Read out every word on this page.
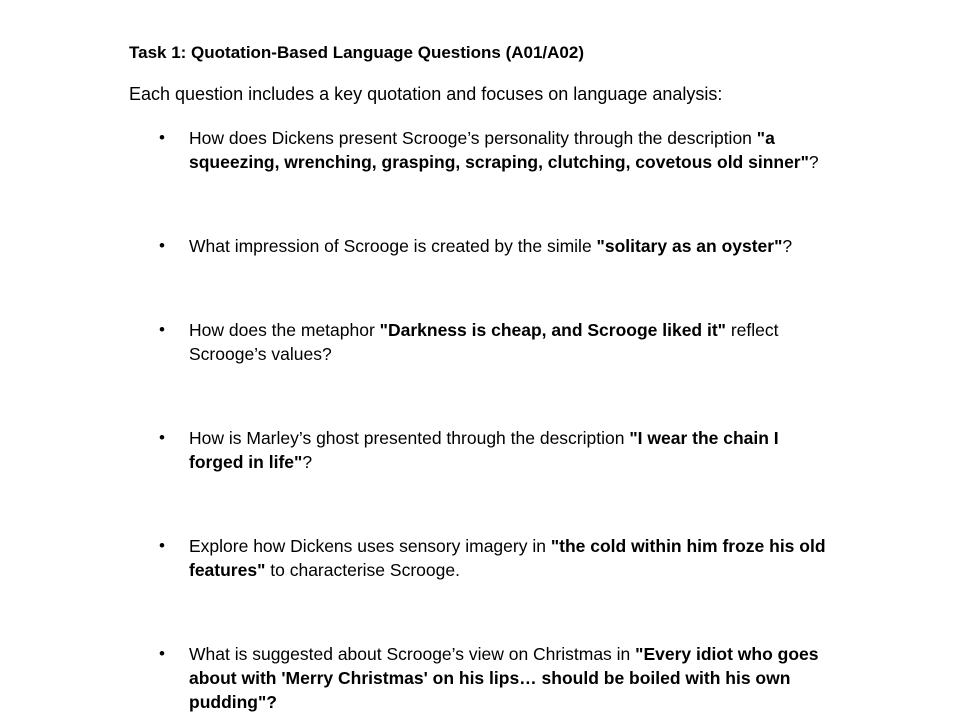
Task 1: Quotation-Based Language Questions (A01/A02)
Each question includes a key quotation and focuses on language analysis:
•	How does Dickens present Scrooge’s personality through the description "a squeezing, wrenching, grasping, scraping, clutching, covetous old sinner"?
•	What impression of Scrooge is created by the simile "solitary as an oyster"?
•	How does the metaphor "Darkness is cheap, and Scrooge liked it" reflect Scrooge’s values?
•	How is Marley’s ghost presented through the description "I wear the chain I forged in life"?
•	Explore how Dickens uses sensory imagery in "the cold within him froze his old features" to characterise Scrooge.
•	What is suggested about Scrooge’s view on Christmas in "Every idiot who goes about with 'Merry Christmas' on his lips… should be boiled with his own pudding"?
